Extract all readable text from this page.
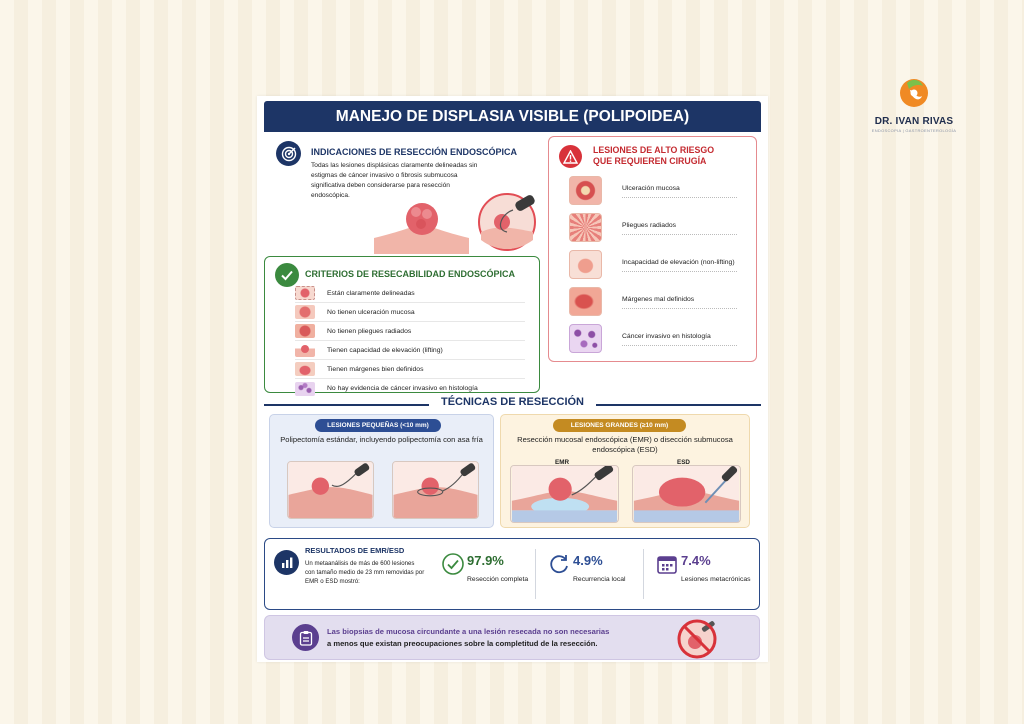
DR. IVAN RIVAS
ENDOSCOPIA | GASTROENTEROLOGÍA
MANEJO DE DISPLASIA VISIBLE (POLIPOIDEA)
INDICACIONES DE RESECCIÓN ENDOSCÓPICA
Todas las lesiones displásicas claramente delineadas sin estigmas de cáncer invasivo o fibrosis submucosa significativa deben considerarse para resección endoscópica.
CRITERIOS DE RESECABILIDAD ENDOSCÓPICA
Están claramente delineadas
No tienen ulceración mucosa
No tienen pliegues radiados
Tienen capacidad de elevación (lifting)
Tienen márgenes bien definidos
No hay evidencia de cáncer invasivo en histología
LESIONES DE ALTO RIESGO QUE REQUIEREN CIRUGÍA
Ulceración mucosa
Pliegues radiados
Incapacidad de elevación (non-lifting)
Márgenes mal definidos
Cáncer invasivo en histología
TÉCNICAS DE RESECCIÓN
LESIONES PEQUEÑAS (<10 mm)
Polipectomía estándar, incluyendo polipectomía con asa fría
LESIONES GRANDES (≥10 mm)
Resección mucosal endoscópica (EMR) o disección submucosa endoscópica (ESD)
EMR	ESD
RESULTADOS DE EMR/ESD
Un metaanálisis de más de 600 lesiones con tamaño medio de 23 mm removidas por EMR o ESD mostró:
97.9%
Resección completa
4.9%
Recurrencia local
7.4%
Lesiones metacrónicas
Las biopsias de mucosa circundante a una lesión resecada no son necesarias
a menos que existan preocupaciones sobre la completitud de la resección.
